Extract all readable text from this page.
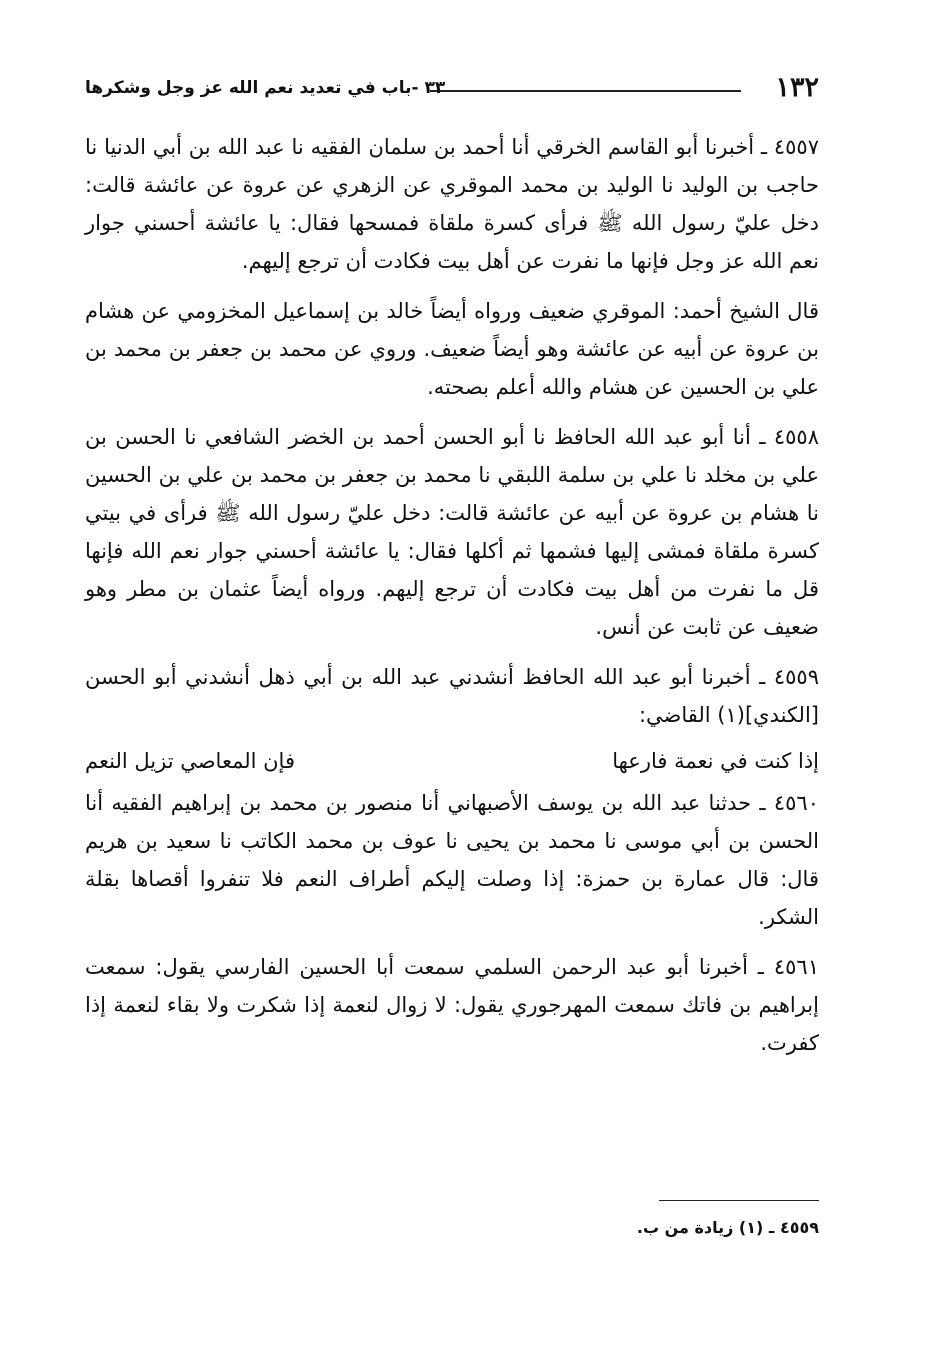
١٣٢
٣٣ -باب في تعديد نعم الله عز وجل وشكرها

٤٥٥٧ ـ أخبرنا أبو القاسم الخرقي أنا أحمد بن سلمان الفقيه نا عبد الله بن أبي الدنيا نا حاجب بن الوليد نا الوليد بن محمد الموقري عن الزهري عن عروة عن عائشة قالت: دخل عليّ رسول الله ﷺ فرأى كسرة ملقاة فمسحها فقال: يا عائشة أحسني جوار نعم الله عز وجل فإنها ما نفرت عن أهل بيت فكادت أن ترجع إليهم.

قال الشيخ أحمد: الموقري ضعيف ورواه أيضاً خالد بن إسماعيل المخزومي عن هشام بن عروة عن أبيه عن عائشة وهو أيضاً ضعيف. وروي عن محمد بن جعفر بن محمد بن علي بن الحسين عن هشام والله أعلم بصحته.

٤٥٥٨ ـ أنا أبو عبد الله الحافظ نا أبو الحسن أحمد بن الخضر الشافعي نا الحسن بن علي بن مخلد نا علي بن سلمة اللبقي نا محمد بن جعفر بن محمد بن علي بن الحسين نا هشام بن عروة عن أبيه عن عائشة قالت: دخل عليّ رسول الله ﷺ فرأى في بيتي كسرة ملقاة فمشى إليها فشمها ثم أكلها فقال: يا عائشة أحسني جوار نعم الله فإنها قل ما نفرت من أهل بيت فكادت أن ترجع إليهم. ورواه أيضاً عثمان بن مطر وهو ضعيف عن ثابت عن أنس.

٤٥٥٩ ـ أخبرنا أبو عبد الله الحافظ أنشدني عبد الله بن أبي ذهل أنشدني أبو الحسن [الكندي](١) القاضي:

إذا كنت في نعمة فارعها
فإن المعاصي تزيل النعم

٤٥٦٠ ـ حدثنا عبد الله بن يوسف الأصبهاني أنا منصور بن محمد بن إبراهيم الفقيه أنا الحسن بن أبي موسى نا محمد بن يحيى نا عوف بن محمد الكاتب نا سعيد بن هريم قال: قال عمارة بن حمزة: إذا وصلت إليكم أطراف النعم فلا تنفروا أقصاها بقلة الشكر.

٤٥٦١ ـ أخبرنا أبو عبد الرحمن السلمي سمعت أبا الحسين الفارسي يقول: سمعت إبراهيم بن فاتك سمعت المهرجوري يقول: لا زوال لنعمة إذا شكرت ولا بقاء لنعمة إذا كفرت.

٤٥٥٩ ـ (١) زيادة من ب.
